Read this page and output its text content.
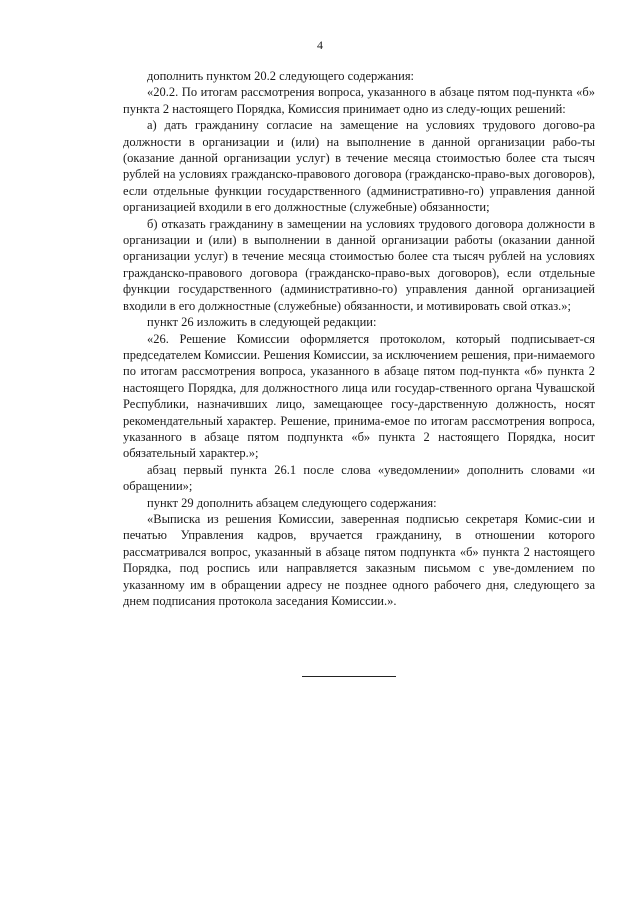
4

дополнить пунктом 20.2 следующего содержания:

«20.2. По итогам рассмотрения вопроса, указанного в абзаце пятом под-пункта «б» пункта 2 настоящего Порядка, Комиссия принимает одно из следу-ющих решений:

а) дать гражданину согласие на замещение на условиях трудового догово-ра должности в организации и (или) на выполнение в данной организации рабо-ты (оказание данной организации услуг) в течение месяца стоимостью более ста тысяч рублей на условиях гражданско-правового договора (гражданско-право-вых договоров), если отдельные функции государственного (административно-го) управления данной организацией входили в его должностные (служебные) обязанности;

б) отказать гражданину в замещении на условиях трудового договора должности в организации и (или) в выполнении в данной организации работы (оказании данной организации услуг) в течение месяца стоимостью более ста тысяч рублей на условиях гражданско-правового договора (гражданско-право-вых договоров), если отдельные функции государственного (административно-го) управления данной организацией входили в его должностные (служебные) обязанности, и мотивировать свой отказ.»;

пункт 26 изложить в следующей редакции:

«26. Решение Комиссии оформляется протоколом, который подписывает-ся председателем Комиссии. Решения Комиссии, за исключением решения, при-нимаемого по итогам рассмотрения вопроса, указанного в абзаце пятом под-пункта «б» пункта 2 настоящего Порядка, для должностного лица или государ-ственного органа Чувашской Республики, назначивших лицо, замещающее госу-дарственную должность, носят рекомендательный характер. Решение, принима-емое по итогам рассмотрения вопроса, указанного в абзаце пятом подпункта «б» пункта 2 настоящего Порядка, носит обязательный характер.»;

абзац первый пункта 26.1 после слова «уведомлении» дополнить словами «и обращении»;

пункт 29 дополнить абзацем следующего содержания:

«Выписка из решения Комиссии, заверенная подписью секретаря Комис-сии и печатью Управления кадров, вручается гражданину, в отношении которого рассматривался вопрос, указанный в абзаце пятом подпункта «б» пункта 2 настоящего Порядка, под роспись или направляется заказным письмом с уве-домлением по указанному им в обращении адресу не позднее одного рабочего дня, следующего за днем подписания протокола заседания Комиссии.».
